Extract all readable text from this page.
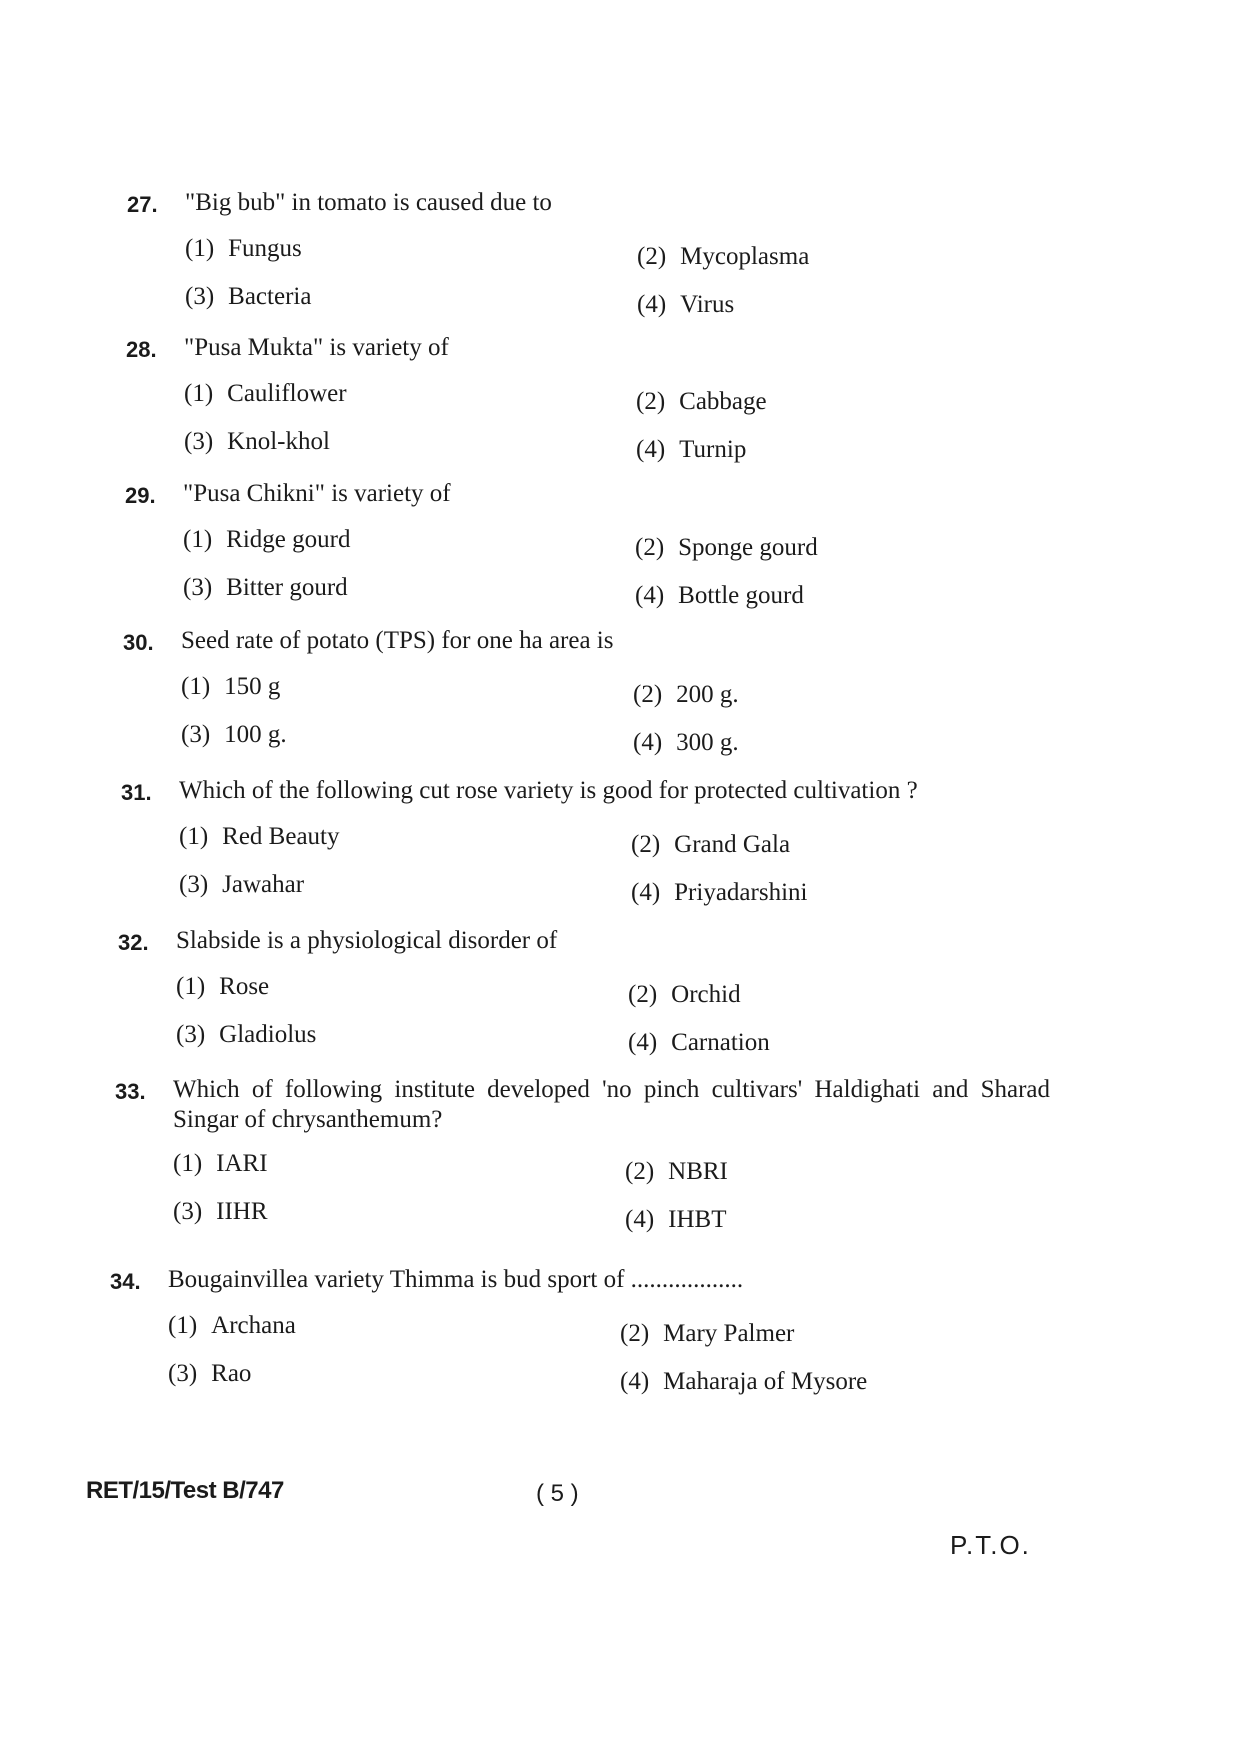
27.	"Big bub" in tomato is caused due to
(1) Fungus	(2) Mycoplasma
(3) Bacteria	(4) Virus
28.	"Pusa Mukta" is variety of
(1) Cauliflower	(2) Cabbage
(3) Knol-khol	(4) Turnip
29.	"Pusa Chikni" is variety of
(1) Ridge gourd	(2) Sponge gourd
(3) Bitter gourd	(4) Bottle gourd
30.	Seed rate of potato (TPS) for one ha area is
(1) 150 g	(2) 200 g.
(3) 100 g.	(4) 300 g.
31.	Which of the following cut rose variety is good for protected cultivation ?
(1) Red Beauty	(2) Grand Gala
(3) Jawahar	(4) Priyadarshini
32.	Slabside is a physiological disorder of
(1) Rose	(2) Orchid
(3) Gladiolus	(4) Carnation
33.	Which of following institute developed 'no pinch cultivars' Haldighati and Sharad Singar of chrysanthemum?
(1) IARI	(2) NBRI
(3) IIHR	(4) IHBT
34.	Bougainvillea variety Thimma is bud sport of ..................
(1) Archana	(2) Mary Palmer
(3) Rao	(4) Maharaja of Mysore
RET/15/Test B/747	( 5 )
P.T.O.
